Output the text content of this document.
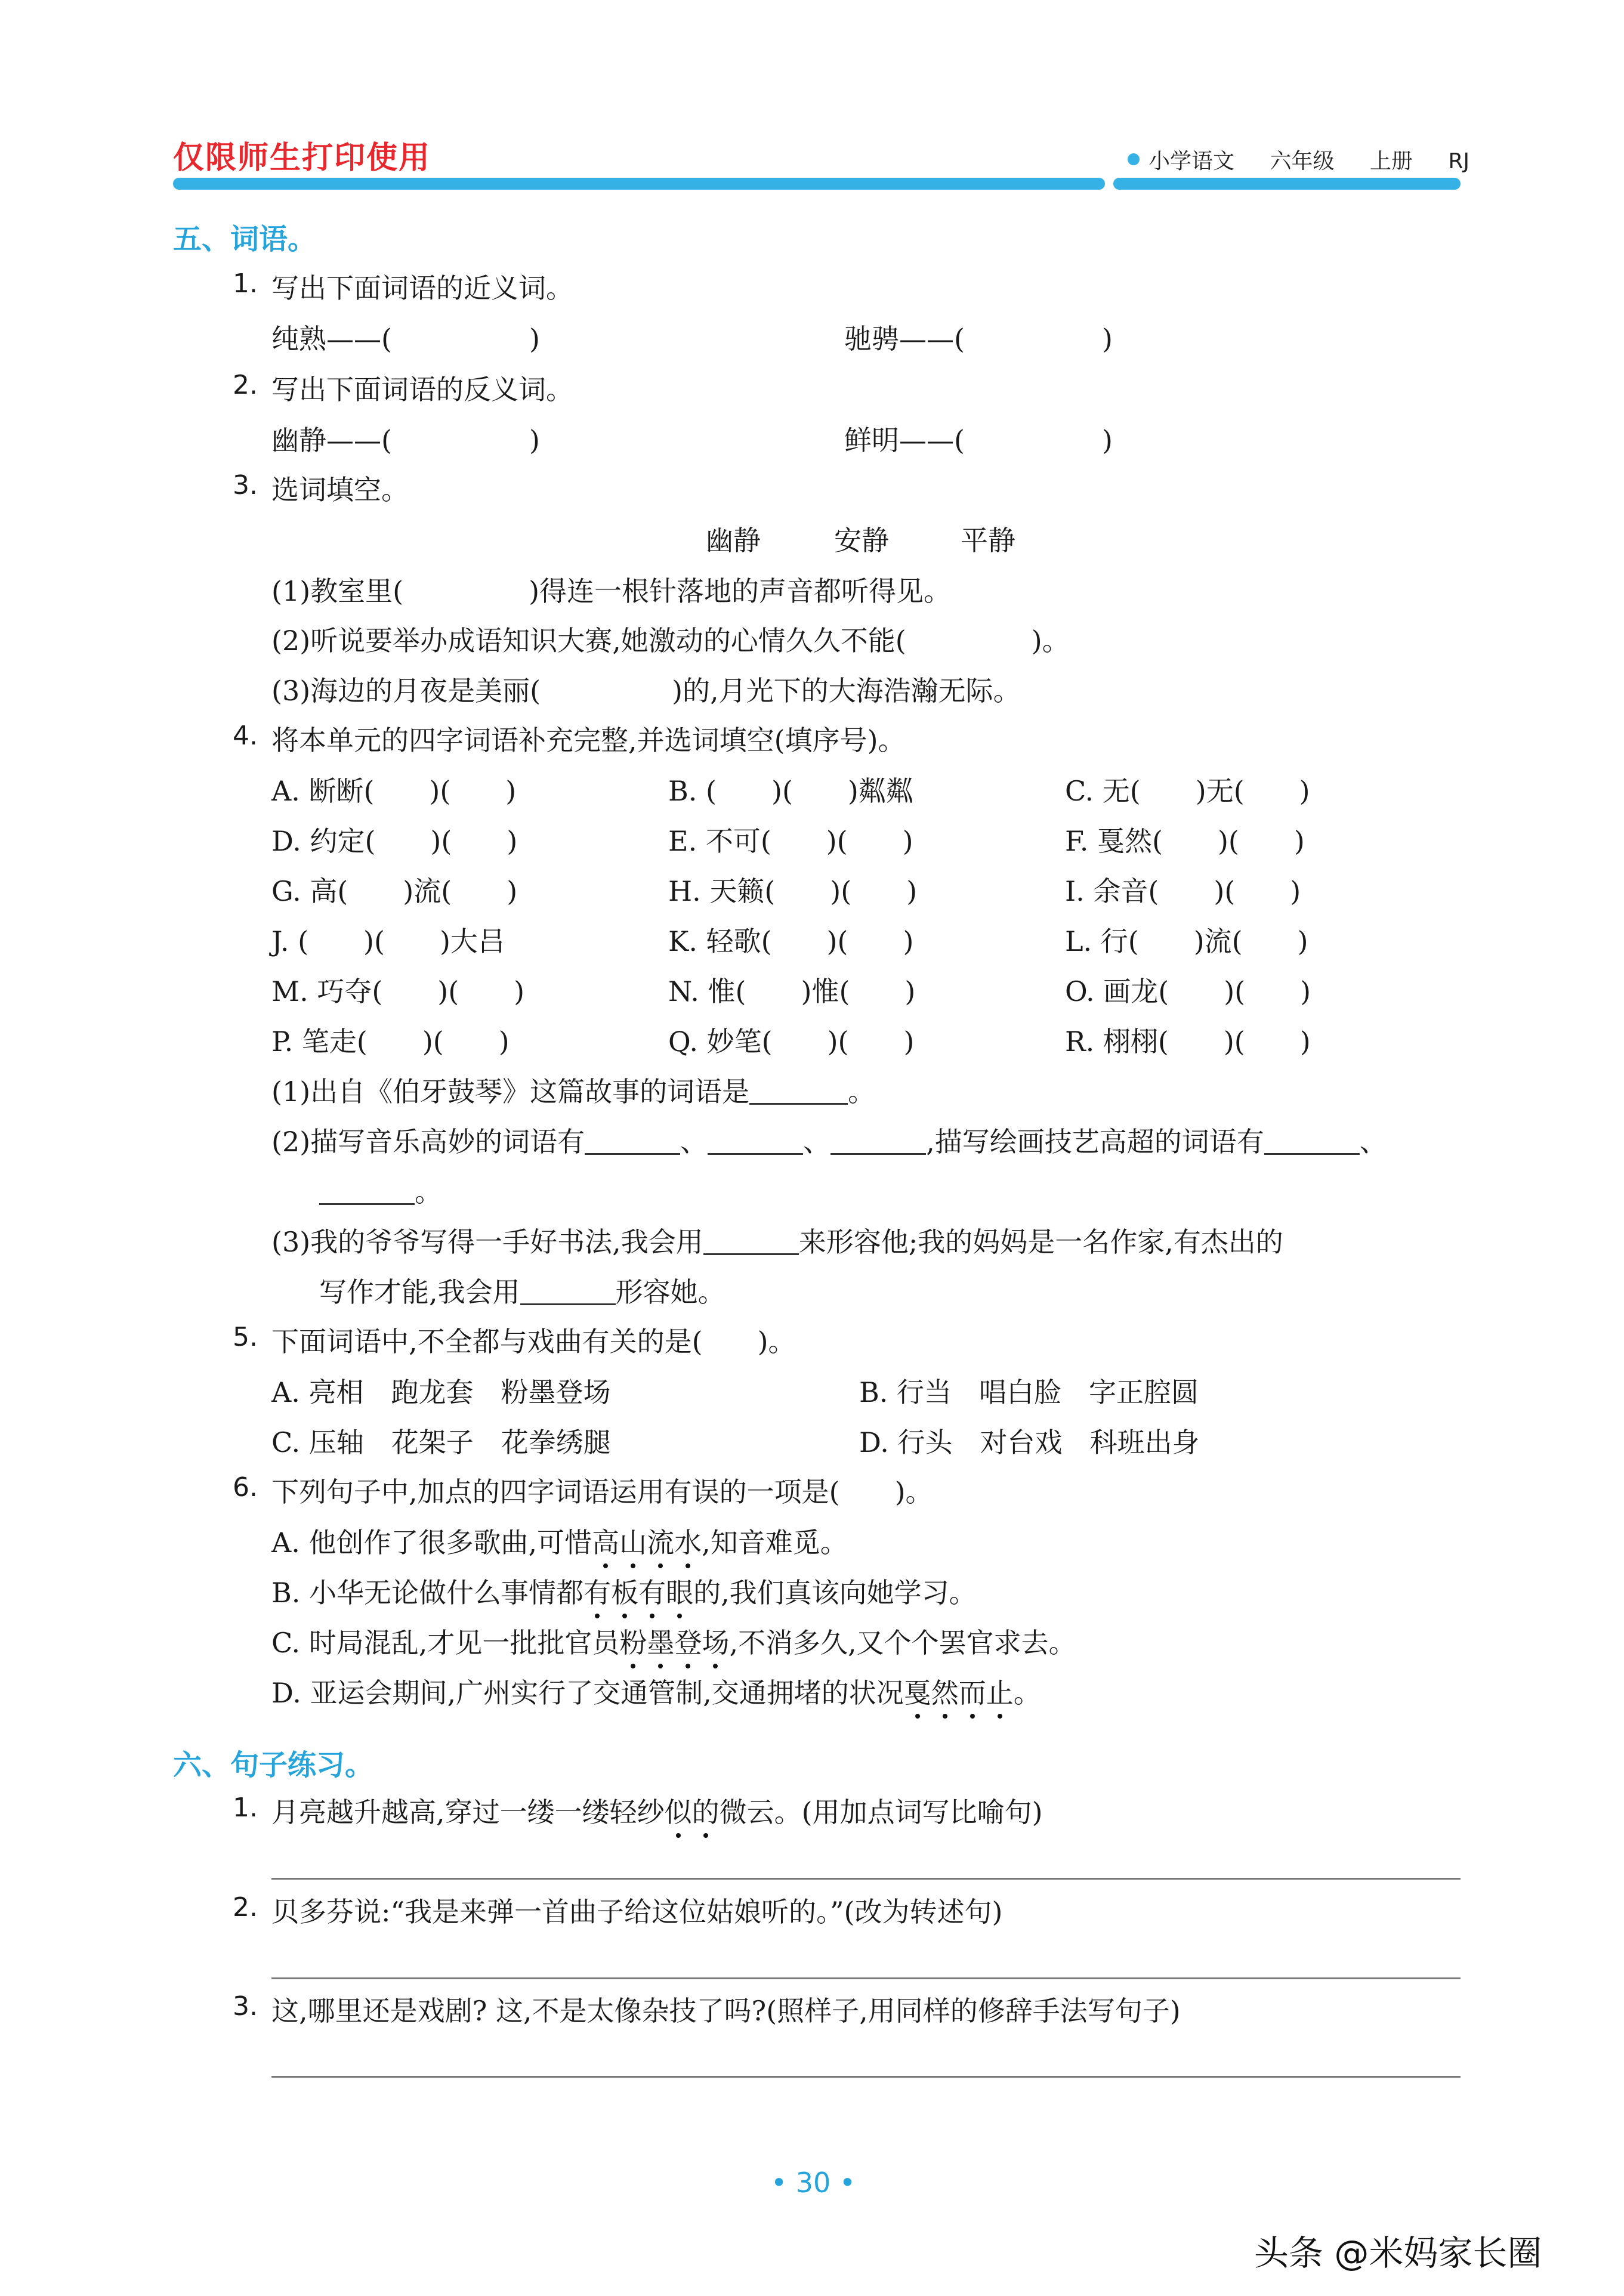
仅限师生打印使用	小学语文 六年级 上册 RJ
五、词语。
1. 写出下面词语的近义词。
纯熟——(	)	驰骋——(	)
2. 写出下面词语的反义词。
幽静——(	)	鲜明——(	)
3. 选词填空。
幽静	安静	平静
(1)教室里(	)得连一根针落地的声音都听得见。
(2)听说要举办成语知识大赛,她激动的心情久久不能(	)。
(3)海边的月夜是美丽(	)的,月光下的大海浩瀚无际。
4. 将本单元的四字词语补充完整,并选词填空(填序号)。
A. 断断(　　)(　　)	B. (　　)(　　)粼粼	C. 无(　　)无(　　)
D. 约定(　　)(　　)	E. 不可(　　)(　　)	F. 戛然(　　)(　　)
G. 高(　　)流(　　)	H. 天籁(　　)(　　)	I. 余音(　　)(　　)
J. (　　)(　　)大吕	K. 轻歌(　　)(　　)	L. 行(　　)流(　　)
M. 巧夺(　　)(　　)	N. 惟(　　)惟(　　)	O. 画龙(　　)(　　)
P. 笔走(　　)(　　)	Q. 妙笔(　　)(　　)	R. 栩栩(　　)(　　)
(1)出自《伯牙鼓琴》这篇故事的词语是	。
(2)描写音乐高妙的词语有	、	、	,描写绘画技艺高超的词语有	、
。
(3)我的爷爷写得一手好书法,我会用	来形容他;我的妈妈是一名作家,有杰出的
写作才能,我会用	形容她。
5. 下面词语中,不全都与戏曲有关的是(　　)。
A. 亮相　跑龙套　粉墨登场	B. 行当　唱白脸　字正腔圆
C. 压轴　花架子　花拳绣腿	D. 行头　对台戏　科班出身
6. 下列句子中,加点的四字词语运用有误的一项是(　　)。
A. 他创作了很多歌曲,可惜高山流水,知音难觅。
B. 小华无论做什么事情都有板有眼的,我们真该向她学习。
C. 时局混乱,才见一批批官员粉墨登场,不消多久,又个个罢官求去。
D. 亚运会期间,广州实行了交通管制,交通拥堵的状况戛然而止。
六、句子练习。
1. 月亮越升越高,穿过一缕一缕轻纱似的微云。(用加点词写比喻句)
2. 贝多芬说:“我是来弹一首曲子给这位姑娘听的。”(改为转述句)
3. 这,哪里还是戏剧? 这,不是太像杂技了吗?(照样子,用同样的修辞手法写句子)
• 30 •
头条 @米妈家长圈
